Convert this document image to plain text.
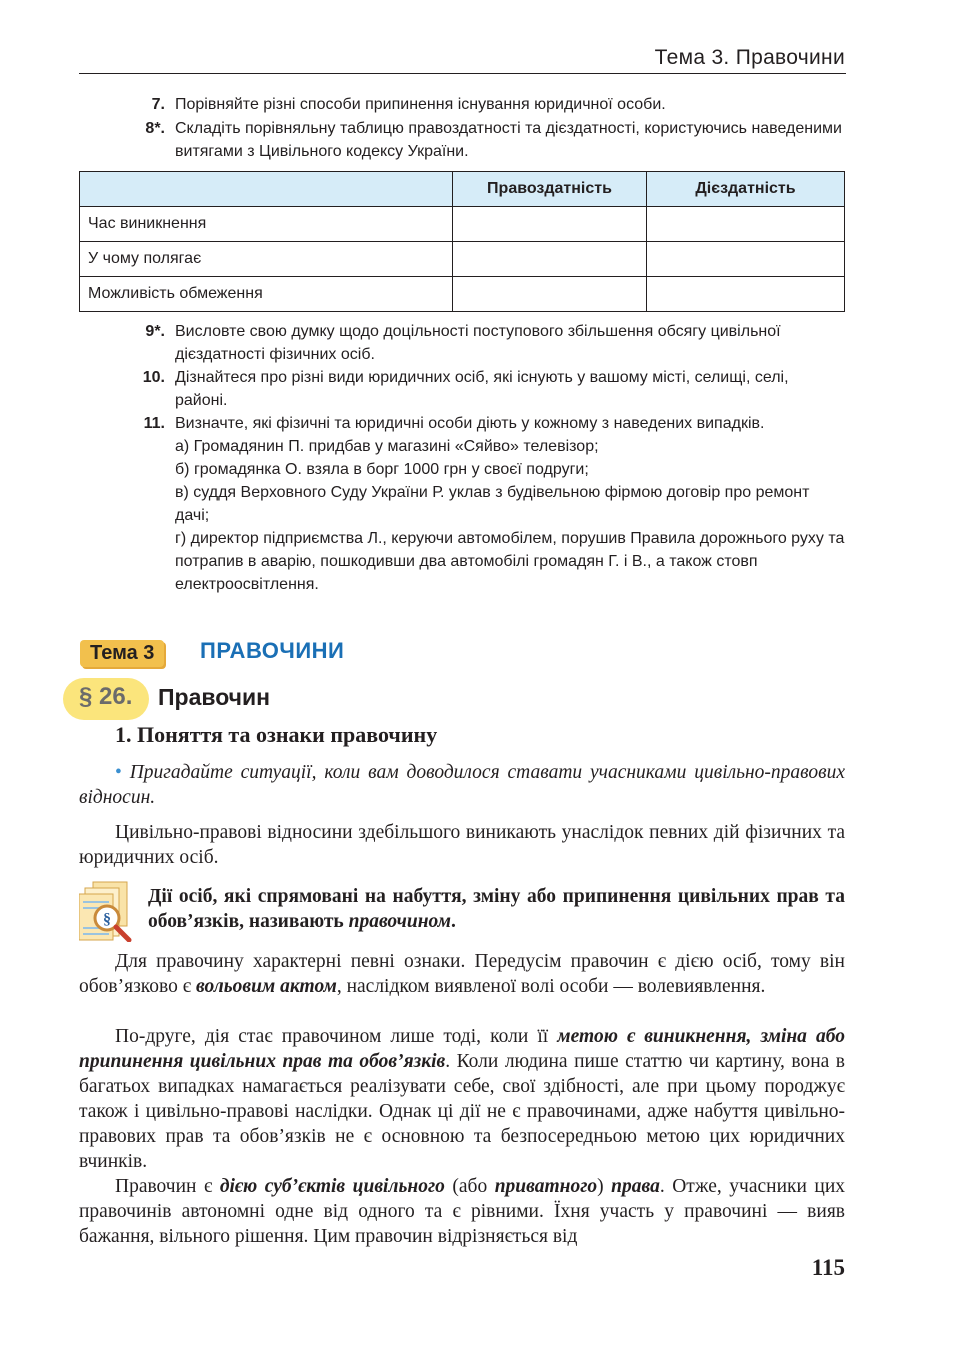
Тема 3. Правочини
7. Порівняйте різні способи припинення існування юридичної особи.
8*. Складіть порівняльну таблицю правоздатності та дієздатності, користуючись наведеними витягами з Цивільного кодексу України.
	Правоздатність	Дієздатність
Час виникнення		
У чому полягає		
Можливість обмеження		
9*. Висловте свою думку щодо доцільності поступового збільшення обсягу цивільної дієздатності фізичних осіб.
10. Дізнайтеся про різні види юридичних осіб, які існують у вашому місті, селищі, селі, районі.
11. Визначте, які фізичні та юридичні особи діють у кожному з наведених випадків.
а) Громадянин П. придбав у магазині «Сяйво» телевізор;
б) громадянка О. взяла в борг 1000 грн у своєї подруги;
в) суддя Верховного Суду України Р. уклав з будівельною фірмою договір про ремонт дачі;
г) директор підприємства Л., керуючи автомобілем, порушив Правила дорожнього руху та потрапив в аварію, пошкодивши два автомобілі громадян Г. і В., а також стовп електроосвітлення.
Тема 3	ПРАВОЧИНИ
§ 26. Правочин
1. Поняття та ознаки правочину
• Пригадайте ситуації, коли вам доводилося ставати учасниками цивільно-правових відносин.
Цивільно-правові відносини здебільшого виникають унаслідок певних дій фізичних та юридичних осіб.
§
Дії осіб, які спрямовані на набуття, зміну або припинення цивільних прав та обов’язків, називають правочином.
Для правочину характерні певні ознаки. Передусім правочин є дією осіб, тому він обов’язково є вольовим актом, наслідком виявленої волі особи — волевиявлення.
По-друге, дія стає правочином лише тоді, коли її метою є виникнення, зміна або припинення цивільних прав та обов’язків. Коли людина пише статтю чи картину, вона в багатьох випадках намагається реалізувати себе, свої здібності, але при цьому породжує також і цивільно-правові наслідки. Однак ці дії не є правочинами, адже набуття цивільно-правових прав та обов’язків не є основною та безпосередньою метою цих юридичних вчинків.
Правочин є дією суб’єктів цивільного (або приватного) права. Отже, учасники цих правочинів автономні одне від одного та є рівними. Їхня участь у правочині — вияв бажання, вільного рішення. Цим правочин відрізняється від
115
